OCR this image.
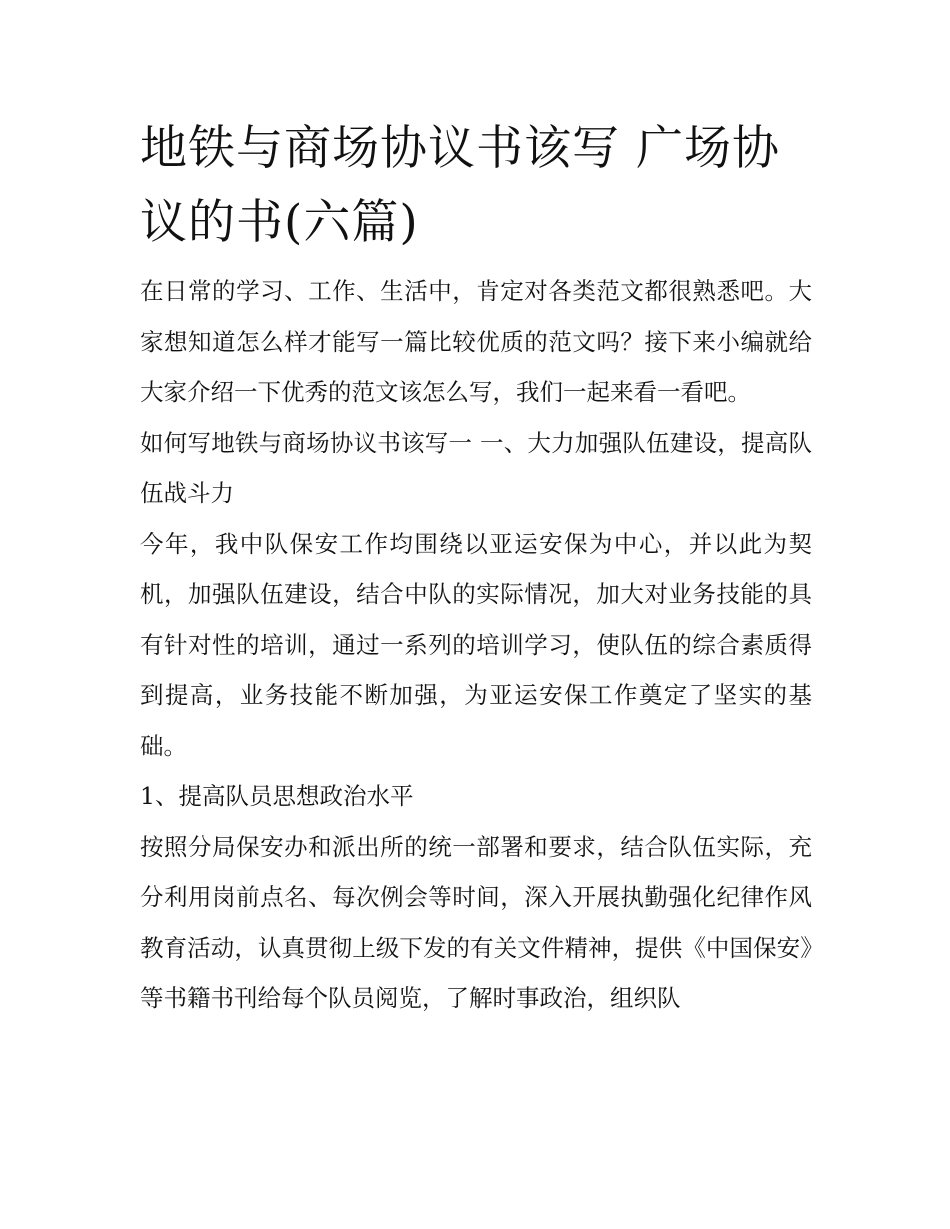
地铁与商场协议书该写 广场协议的书(六篇)

在日常的学习、工作、生活中，肯定对各类范文都很熟悉吧。大家想知道怎么样才能写一篇比较优质的范文吗？接下来小编就给大家介绍一下优秀的范文该怎么写，我们一起来看一看吧。

如何写地铁与商场协议书该写一 一、大力加强队伍建设，提高队伍战斗力

今年，我中队保安工作均围绕以亚运安保为中心，并以此为契机，加强队伍建设，结合中队的实际情况，加大对业务技能的具有针对性的培训，通过一系列的培训学习，使队伍的综合素质得到提高，业务技能不断加强，为亚运安保工作奠定了坚实的基础。

1、提高队员思想政治水平

按照分局保安办和派出所的统一部署和要求，结合队伍实际，充分利用岗前点名、每次例会等时间，深入开展执勤强化纪律作风教育活动，认真贯彻上级下发的有关文件精神，提供《中国保安》等书籍书刊给每个队员阅览，了解时事政治，组织队
